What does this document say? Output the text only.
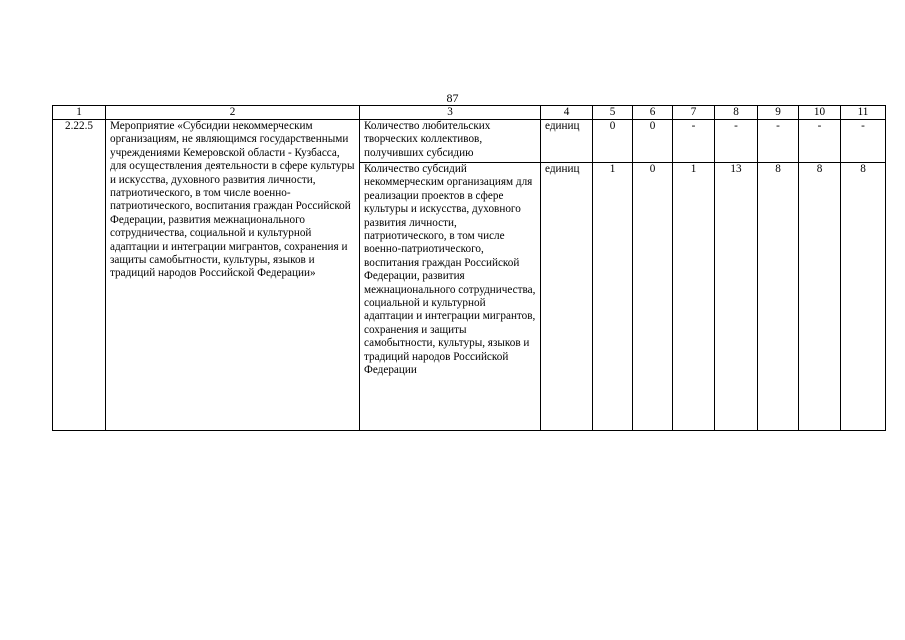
87
1	2	3	4	5	6	7	8	9	10	11
2.22.5	Мероприятие «Субсидии некоммерческим организациям, не являющимся государственными учреждениями Кемеровской области - Кузбасса, для осуществления деятельности в сфере культуры и искусства, духовного развития личности, патриотического, в том числе военно-патриотического, воспитания граждан Российской Федерации, развития межнационального сотрудничества, социальной и культурной адаптации и интеграции мигрантов, сохранения и защиты самобытности, культуры, языков и традиций народов Российской Федерации»	Количество любительских творческих коллективов, получивших субсидию	единиц	0	0	-	-	-	-	-
		Количество субсидий некоммерческим организациям для реализации проектов в сфере культуры и искусства, духовного развития личности, патриотического, в том числе военно-патриотического, воспитания граждан Российской Федерации, развития межнационального сотрудничества, социальной и культурной адаптации и интеграции мигрантов, сохранения и защиты самобытности, культуры, языков и традиций народов Российской Федерации	единиц	1	0	1	13	8	8	8
